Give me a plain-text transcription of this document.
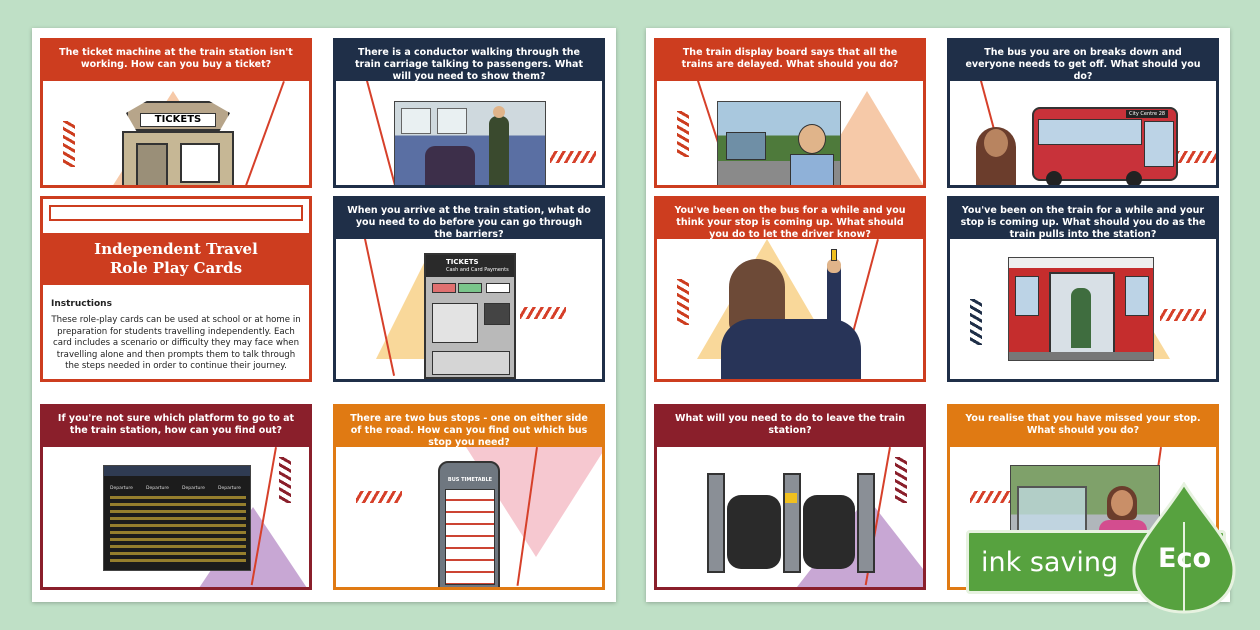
The ticket machine at the train station isn't working. How can you buy a ticket?
TICKETS
There is a conductor walking through the train carriage talking to passengers. What will you need to show them?
Independent Travel
Role Play Cards
Instructions
These role-play cards can be used at school or at home in preparation for students travelling independently. Each card includes a scenario or difficulty they may face when travelling alone and then prompts them to talk through the steps needed in order to continue their journey.
When you arrive at the train station, what do you need to do before you can go through the barriers?
TICKETS
Cash and Card Payments
If you're not sure which platform to go to at the train station, how can you find out?
Departure	Departure	Departure	Departure
There are two bus stops - one on either side of the road. How can you find out which bus stop you need?
BUS TIMETABLE
The train display board says that all the trains are delayed. What should you do?
The bus you are on breaks down and everyone needs to get off. What should you do?
City Centre 28
You've been on the bus for a while and you think your stop is coming up. What should you do to let the driver know?
You've been on the train for a while and your stop is coming up. What should you do as the train pulls into the station?
What will you need to do to leave the train station?
You realise that you have missed your stop. What should you do?
ink saving Eco
